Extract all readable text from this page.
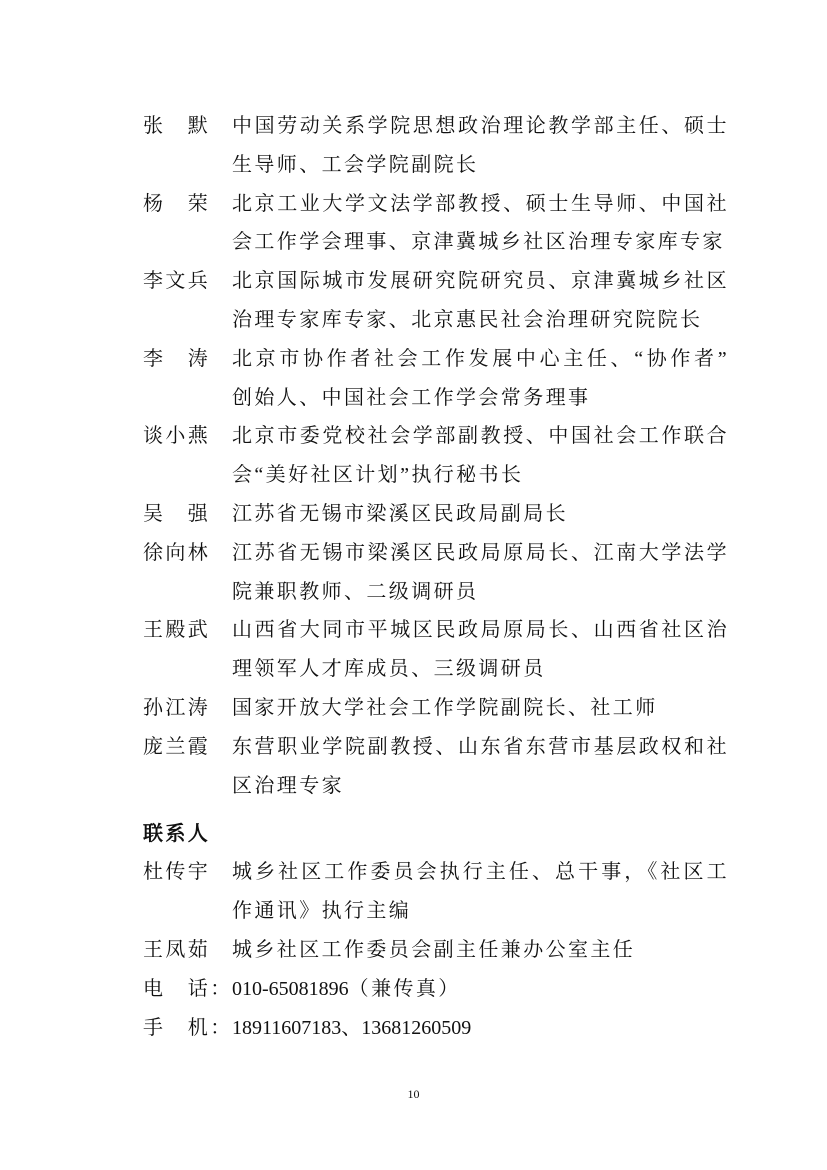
张　默	中国劳动关系学院思想政治理论教学部主任、硕士
生导师、工会学院副院长
杨　荣	北京工业大学文法学部教授、硕士生导师、中国社
会工作学会理事、京津冀城乡社区治理专家库专家
李文兵	北京国际城市发展研究院研究员、京津冀城乡社区
治理专家库专家、北京惠民社会治理研究院院长
李　涛	北京市协作者社会工作发展中心主任、“协作者”
创始人、中国社会工作学会常务理事
谈小燕	北京市委党校社会学部副教授、中国社会工作联合
会“美好社区计划”执行秘书长
吴　强	江苏省无锡市梁溪区民政局副局长
徐向林	江苏省无锡市梁溪区民政局原局长、江南大学法学
院兼职教师、二级调研员
王殿武	山西省大同市平城区民政局原局长、山西省社区治
理领军人才库成员、三级调研员
孙江涛	国家开放大学社会工作学院副院长、社工师
庞兰霞	东营职业学院副教授、山东省东营市基层政权和社
区治理专家
联系人
杜传宇	城乡社区工作委员会执行主任、总干事，《社区工
作通讯》执行主编
王凤茹	城乡社区工作委员会副主任兼办公室主任
电　话： 010-65081896（兼传真）
手　机： 18911607183、13681260509
10
